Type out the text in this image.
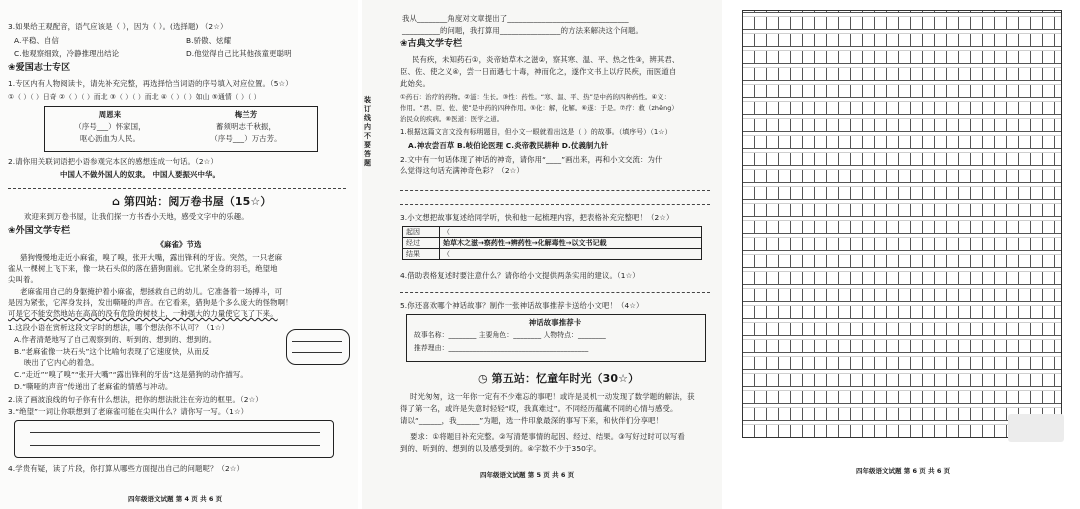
3.如果给王观配音，语气应该是（ ），因为（ ）。(选择题) （2☆）
A.平稳、自信	B.骄傲、炫耀
C.他观察细致，冷静推理出结论	D.他觉得自己比其他孩童更聪明
❀爱国志士专区
1.专区内有人物阅读卡，请先补充完整，再选择恰当词语的序号填入对应位置。（5☆）
①（ ）（ ）日奇 ②（ ）（ ）而北 ③（ ）（ ）而北 ④（ ）（ ）如山 ⑤通情（ ）（ ）
周恩来
（序号___）怀家国，
呕心沥血为人民。
梅兰芳
蓄须明志千秋振，
（序号___）万古芳。
2.请你用关联词语把小语参观完本区的感想连成一句话。（2☆）
中国人不做外国人的奴隶。 中国人要振兴中华。
⌂ 第四站：阅万卷书屋（15☆）
欢迎来到万卷书屋，让我们探一方书香小天地，感受文字中的乐趣。
❀外国文学专栏
《麻雀》节选
猎狗慢慢地走近小麻雀，嗅了嗅，张开大嘴，露出锋利的牙齿。突然，一只老麻
雀从一棵树上飞下来，像一块石头似的落在猎狗面前。它扎紧全身的羽毛，绝望地
尖叫着。
老麻雀用自己的身躯掩护着小麻雀，想拯救自己的幼儿。它准备着一场搏斗，可
是因为紧张，它浑身发抖，发出嘶哑的声音。在它看来，猎狗是个多么庞大的怪物啊！
可是它不能安然地站在高高的没有危险的树枝上，一种强大的力量使它飞了下来。
1.这段小语在赏析这段文字时的想法，哪个想法你不认可？（1☆）
A.作者清楚地写了自己观察到的、听到的、想到的、想到的。
B.“老麻雀像一块石头”这个比喻句表现了它速度快，从而反
映出了它内心的着急。
C.“走近”“嗅了嗅”“张开大嘴”“露出锋利的牙齿”这是猎狗的动作描写。
D.“嘶哑的声音”传递出了老麻雀的情感与冲动。
2.读了画波浪线的句子你有什么想法，把你的想法批注在旁边的框里。（2☆）
3.“绝望”一词让你联想到了老麻雀可能在尖叫什么？请你写一写。（1☆）
4.学贵有疑，读了片段，你打算从哪些方面提出自己的问题呢？（2☆）
四年级语文试题 第 4 页 共 6 页
装订线内不要答题
我从________角度对文章提出了________________________________
__________的问题，我打算用________________的方法来解决这个问题。
❀古典文学专栏
民有疾，未知药石①，炎帝始草木之滋②，察其寒、温、平、热之性③，辨其君、
臣、佐、使之义④，尝一日而遇七十毒，神而化之，遂作文书上以疗民疾，而医道自
此始矣。
①药石：治疗的药物。②滋：生长。③性：药性。“寒、温、平、热”是中药的四种药性。④义：
作用。“君、臣、佐、使”是中药的四种作用。⑤化：解，化解。⑥遂：于是。⑦疗：救（zhěng）
治民众的疾病。⑧医道：医学之道。
1.根据这篇文言文没有标明题目，但小文一眼就看出这是（ ）的故事。（填序号）（1☆）
A.神农尝百草 B.岐伯论医理 C.炎帝教民耕种 D.仗義制九针
2.文中有一句话体现了神话的神奇，请你用“____”画出来，再和小文交流：为什
么觉得这句话充满神奇色彩？（2☆）
3.小文想把故事复述给同学听，快和他一起梳理内容，把表格补充完整吧！（2☆）
起因	（
经过	始草木之滋→察药性→辨药性→化解毒性→以文书记载
结果	（
4.借助表格复述时要注意什么？请你给小文提供两条实用的建议。（1☆）
5.你还喜欢哪个神话故事？制作一张神话故事推荐卡送给小文吧！（4☆）
神话故事推荐卡
故事名称：________ 主要角色：________ 人物特点：________
推荐理由：________________________________________
◷ 第五站：忆童年时光（30☆）
时光匆匆，这一年你一定有不少难忘的事吧！或许是灵机一动发现了数学题的解法，获
得了第一名，或许是失意时轻轻“哎，我真难过”。不同经历蕴藏不同的心情与感受。
请以“______，我______”为题，选一件印象最深的事写下来，和伙伴们分享吧！
要求：①将题目补充完整。②写清楚事情的起因、经过、结果。③写好过时可以写看
到的、听到的、想到的以及感受到的。④字数不少于350字。
四年级语文试题 第 5 页 共 6 页	四年级语文试题 第 6 页 共 6 页
